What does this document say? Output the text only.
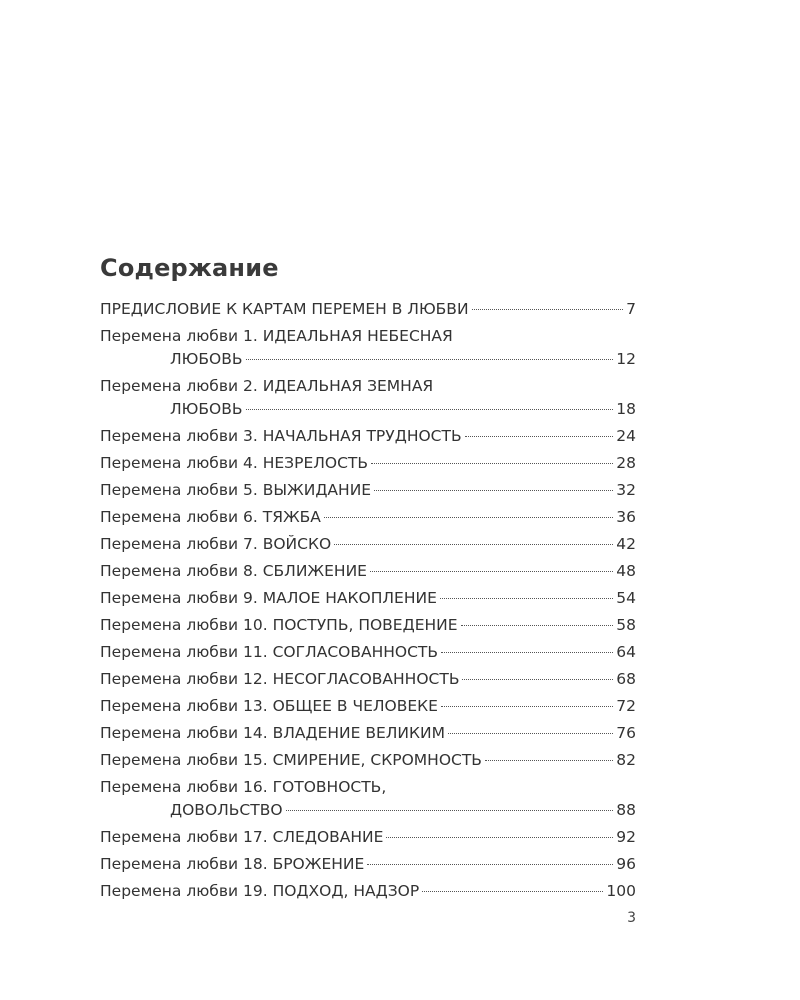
Содержание
ПРЕДИСЛОВИЕ К КАРТАМ ПЕРЕМЕН В ЛЮБВИ	7
Перемена любви 1. ИДЕАЛЬНАЯ НЕБЕСНАЯ
ЛЮБОВЬ	12
Перемена любви 2. ИДЕАЛЬНАЯ ЗЕМНАЯ
ЛЮБОВЬ	18
Перемена любви 3. НАЧАЛЬНАЯ ТРУДНОСТЬ	24
Перемена любви 4. НЕЗРЕЛОСТЬ	28
Перемена любви 5. ВЫЖИДАНИЕ	32
Перемена любви 6. ТЯЖБА	36
Перемена любви 7. ВОЙСКО	42
Перемена любви 8. СБЛИЖЕНИЕ	48
Перемена любви 9. МАЛОЕ НАКОПЛЕНИЕ	54
Перемена любви 10. ПОСТУПЬ, ПОВЕДЕНИЕ	58
Перемена любви 11. СОГЛАСОВАННОСТЬ	64
Перемена любви 12. НЕСОГЛАСОВАННОСТЬ	68
Перемена любви 13. ОБЩЕЕ В ЧЕЛОВЕКЕ	72
Перемена любви 14. ВЛАДЕНИЕ ВЕЛИКИМ	76
Перемена любви 15. СМИРЕНИЕ, СКРОМНОСТЬ	82
Перемена любви 16. ГОТОВНОСТЬ,
ДОВОЛЬСТВО	88
Перемена любви 17. СЛЕДОВАНИЕ	92
Перемена любви 18. БРОЖЕНИЕ	96
Перемена любви 19. ПОДХОД, НАДЗОР	100
3
